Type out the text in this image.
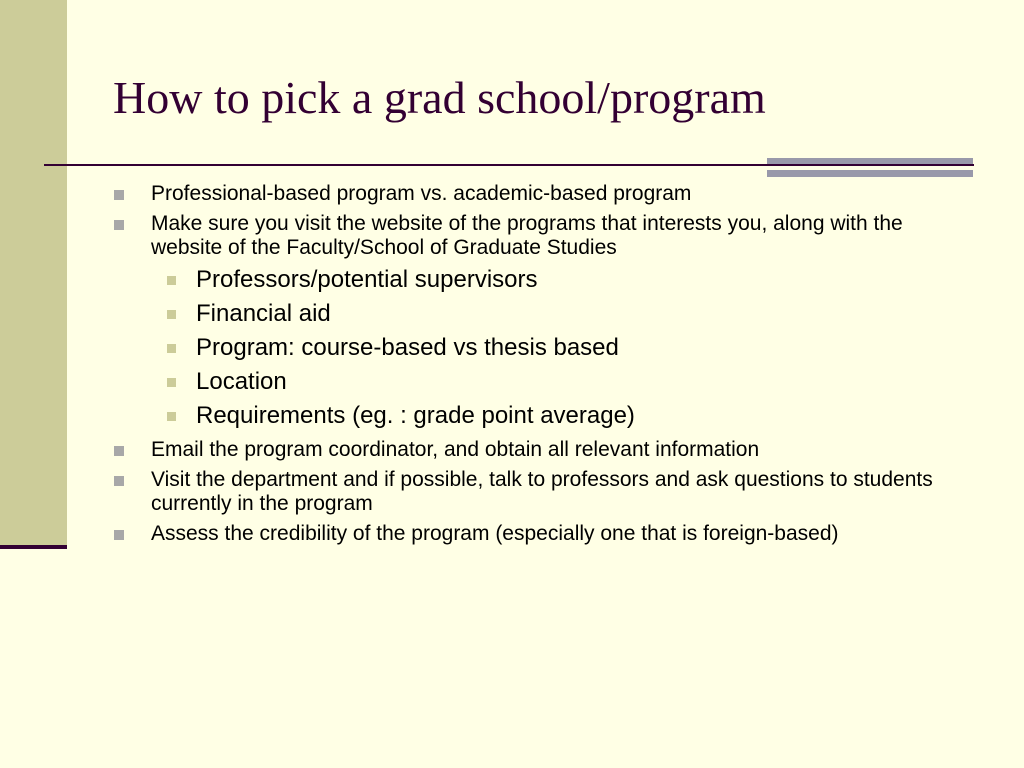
How to pick a grad school/program
Professional-based program vs. academic-based program
Make sure you visit the website of the programs that interests you, along with the website of the Faculty/School of Graduate Studies
Professors/potential supervisors
Financial aid
Program: course-based vs thesis based
Location
Requirements (eg. : grade point average)
Email the program coordinator, and obtain all relevant information
Visit the department and if possible, talk to professors and ask questions to students currently in the program
Assess the credibility of the program (especially one that is foreign-based)
